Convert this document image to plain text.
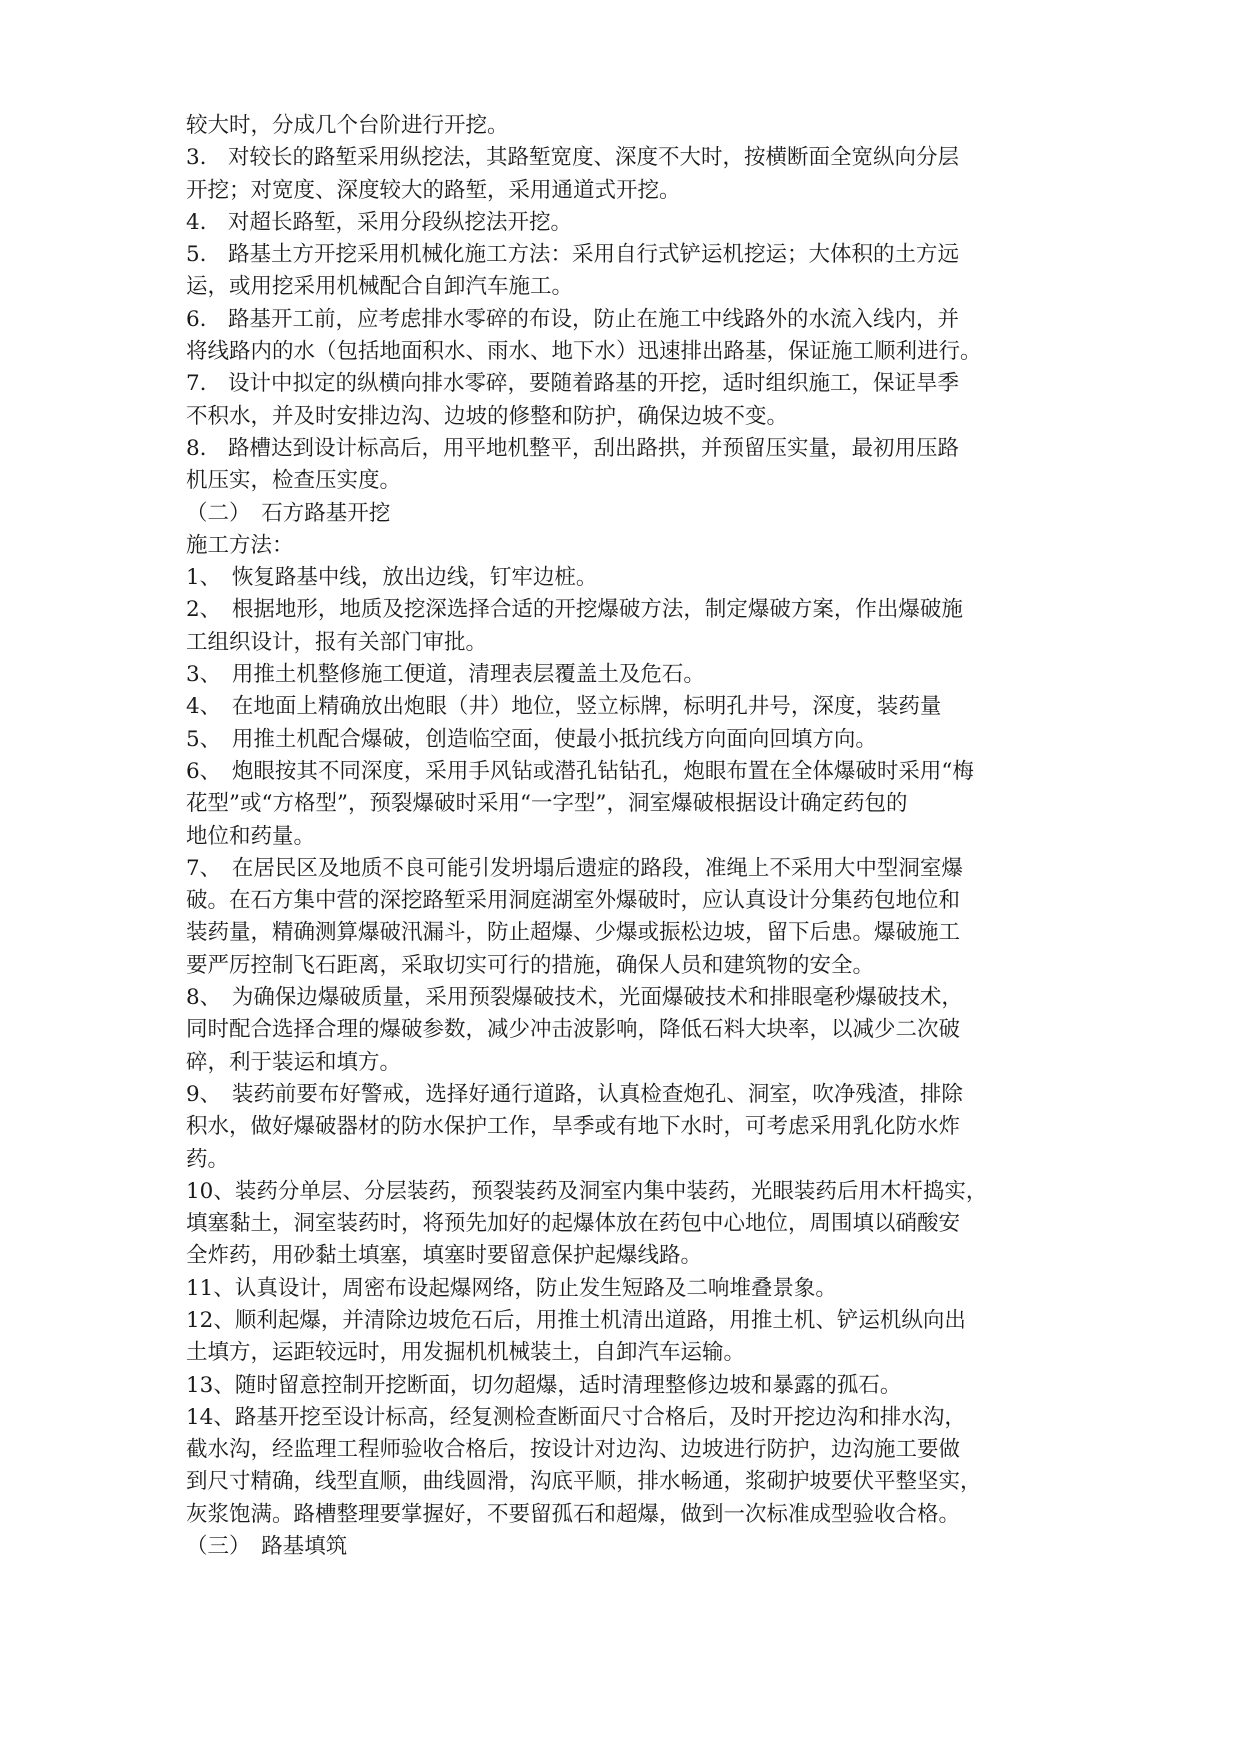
较大时，分成几个台阶进行开挖。
3.　对较长的路堑采用纵挖法，其路堑宽度、深度不大时，按横断面全宽纵向分层
开挖；对宽度、深度较大的路堑，采用通道式开挖。
4.　对超长路堑，采用分段纵挖法开挖。
5.　路基土方开挖采用机械化施工方法：采用自行式铲运机挖运；大体积的土方远
运，或用挖采用机械配合自卸汽车施工。
6.　路基开工前，应考虑排水零碎的布设，防止在施工中线路外的水流入线内，并
将线路内的水（包括地面积水、雨水、地下水）迅速排出路基，保证施工顺利进行。
7.　设计中拟定的纵横向排水零碎，要随着路基的开挖，适时组织施工，保证旱季
不积水，并及时安排边沟、边坡的修整和防护，确保边坡不变。
8.　路槽达到设计标高后，用平地机整平，刮出路拱，并预留压实量，最初用压路
机压实，检查压实度。
（二）　石方路基开挖
施工方法：
1、　恢复路基中线，放出边线，钉牢边桩。
2、　根据地形，地质及挖深选择合适的开挖爆破方法，制定爆破方案，作出爆破施
工组织设计，报有关部门审批。
3、　用推土机整修施工便道，清理表层覆盖土及危石。
4、　在地面上精确放出炮眼（井）地位，竖立标牌，标明孔井号，深度，装药量
5、　用推土机配合爆破，创造临空面，使最小抵抗线方向面向回填方向。
6、　炮眼按其不同深度，采用手风钻或潜孔钻钻孔，炮眼布置在全体爆破时采用“梅
花型”或“方格型”，预裂爆破时采用“一字型”，洞室爆破根据设计确定药包的
地位和药量。
7、　在居民区及地质不良可能引发坍塌后遗症的路段，准绳上不采用大中型洞室爆
破。在石方集中营的深挖路堑采用洞庭湖室外爆破时，应认真设计分集药包地位和
装药量，精确测算爆破汛漏斗，防止超爆、少爆或振松边坡，留下后患。爆破施工
要严厉控制飞石距离，采取切实可行的措施，确保人员和建筑物的安全。
8、　为确保边爆破质量，采用预裂爆破技术，光面爆破技术和排眼毫秒爆破技术，
同时配合选择合理的爆破参数，减少冲击波影响，降低石料大块率，以减少二次破
碎，利于装运和填方。
9、　装药前要布好警戒，选择好通行道路，认真检查炮孔、洞室，吹净残渣，排除
积水，做好爆破器材的防水保护工作，旱季或有地下水时，可考虑采用乳化防水炸
药。
10、装药分单层、分层装药，预裂装药及洞室内集中装药，光眼装药后用木杆捣实，
填塞黏土，洞室装药时，将预先加好的起爆体放在药包中心地位，周围填以硝酸安
全炸药，用砂黏土填塞，填塞时要留意保护起爆线路。
11、认真设计，周密布设起爆网络，防止发生短路及二响堆叠景象。
12、顺利起爆，并清除边坡危石后，用推土机清出道路，用推土机、铲运机纵向出
土填方，运距较远时，用发掘机机械装土，自卸汽车运输。
13、随时留意控制开挖断面，切勿超爆，适时清理整修边坡和暴露的孤石。
14、路基开挖至设计标高，经复测检查断面尺寸合格后，及时开挖边沟和排水沟，
截水沟，经监理工程师验收合格后，按设计对边沟、边坡进行防护，边沟施工要做
到尺寸精确，线型直顺，曲线圆滑，沟底平顺，排水畅通，浆砌护坡要伏平整坚实，
灰浆饱满。路槽整理要掌握好，不要留孤石和超爆，做到一次标准成型验收合格。
（三）　路基填筑
